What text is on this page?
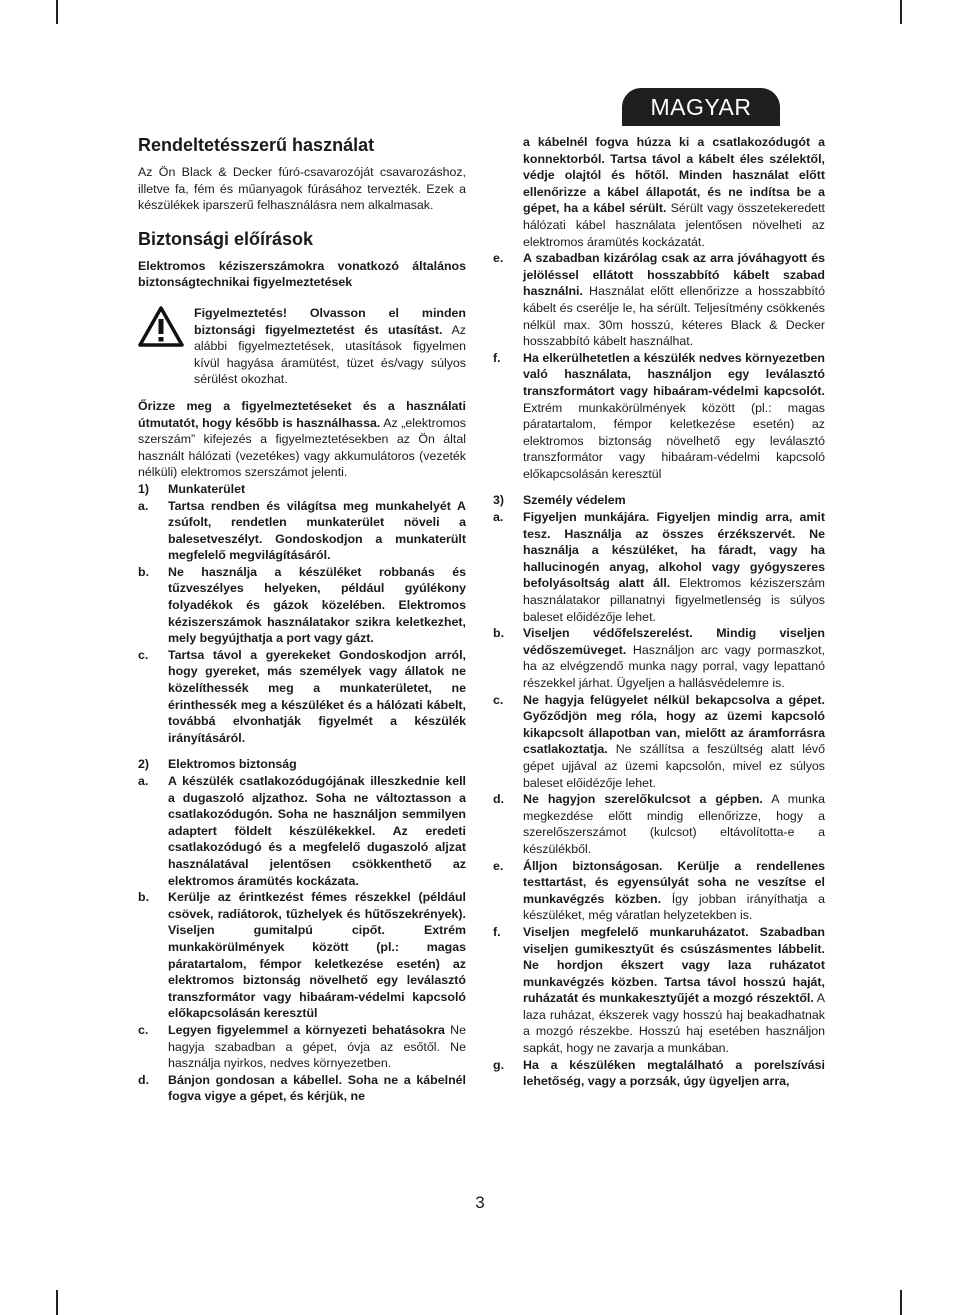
MAGYAR
Rendeltetésszerű használat

Az Ön Black & Decker fúró-csavarozóját csavarozáshoz, illetve fa, fém és műanyagok fúrásához tervezték. Ezek a készülékek iparszerű felhasználásra nem alkalmasak.

Biztonsági előírások

Elektromos kéziszerszámokra vonatkozó általános biztonságtechnikai figyelmeztetések

Figyelmeztetés! Olvasson el minden biztonsági figyelmeztetést és utasítást. Az alábbi figyelmeztetések, utasítások figyelmen kívül hagyása áramütést, tüzet és/vagy súlyos sérülést okozhat.

Őrizze meg a figyelmeztetéseket és a használati útmutatót, hogy később is használhassa. Az „elektromos szerszám” kifejezés a figyelmeztetésekben az Ön által használt hálózati (vezetékes) vagy akkumulátoros (vezeték nélküli) elektromos szerszámot jelenti.

1)	Munkaterület
a.	Tartsa rendben és világítsa meg munkahelyét A zsúfolt, rendetlen munkaterület növeli a balesetveszélyt. Gondoskodjon a munkaterült megfelelő megvilágításáról.
b.	Ne használja a készüléket robbanás és tűzveszélyes helyeken, például gyúlékony folyadékok és gázok közelében. Elektromos kéziszerszámok használatakor szikra keletkezhet, mely begyújthatja a port vagy gázt.
c.	Tartsa távol a gyerekeket Gondoskodjon arról, hogy gyereket, más személyek vagy állatok ne közelíthessék meg a munkaterületet, ne érinthessék meg a készüléket és a hálózati kábelt, továbbá elvonhatják figyelmét a készülék irányításáról.
2)	Elektromos biztonság
a.	A készülék csatlakozódugójának illeszkednie kell a dugaszoló aljzathoz. Soha ne változtasson a csatlakozódugón. Soha ne használjon semmilyen adaptert földelt készülékekkel. Az eredeti csatlakozódugó és a megfelelő dugaszoló aljzat használatával jelentősen csökkenthető az elektromos áramütés kockázata.
b.	Kerülje az érintkezést fémes részekkel (például csövek, radiátorok, tűzhelyek és hűtőszekrények). Viseljen gumitalpú cipőt. Extrém munkakörülmények között (pl.: magas páratartalom, fémpor keletkezése esetén) az elektromos biztonság növelhető egy leválasztó transzformátor vagy hibaáram-védelmi kapcsoló előkapcsolásán keresztül
c.	Legyen figyelemmel a környezeti behatásokra Ne hagyja szabadban a gépet, óvja az esőtől. Ne használja nyirkos, nedves környezetben.
d.	Bánjon gondosan a kábellel. Soha ne a kábelnél fogva vigye a gépet, és kérjük, ne
a kábelnél fogva húzza ki a csatlakozódugót a konnektorból. Tartsa távol a kábelt éles szélektől, védje olajtól és hőtől. Minden használat előtt ellenőrizze a kábel állapotát, és ne indítsa be a gépet, ha a kábel sérült. Sérült vagy összetekeredett hálózati kábel használata jelentősen növelheti az elektromos áramütés kockázatát.
e.	A szabadban kizárólag csak az arra jóváhagyott és jelöléssel ellátott hosszabbító kábelt szabad használni. Használat előtt ellenőrizze a hosszabbító kábelt és cserélje le, ha sérült. Teljesítmény csökkenés nélkül max. 30m hosszú, kéteres Black & Decker hosszabbító kábelt használhat.
f.	Ha elkerülhetetlen a készülék nedves környezetben való használata, használjon egy leválasztó transzformátort vagy hibaáram-védelmi kapcsolót. Extrém munkakörülmények között (pl.: magas páratartalom, fémpor keletkezése esetén) az elektromos biztonság növelhető egy leválasztó transzformátor vagy hibaáram-védelmi kapcsoló előkapcsolásán keresztül
3)	Személy védelem
a.	Figyeljen munkájára. Figyeljen mindig arra, amit tesz. Használja az összes érzékszervét. Ne használja a készüléket, ha fáradt, vagy ha hallucinogén anyag, alkohol vagy gyógyszeres befolyásoltság alatt áll. Elektromos kéziszerszám használatakor pillanatnyi figyelmetlenség is súlyos baleset előidézője lehet.
b.	Viseljen védőfelszerelést. Mindig viseljen védőszemüveget. Használjon arc vagy pormaszkot, ha az elvégzendő munka nagy porral, vagy lepattanó részekkel járhat. Ügyeljen a hallásvédelemre is.
c.	Ne hagyja felügyelet nélkül bekapcsolva a gépet. Győződjön meg róla, hogy az üzemi kapcsoló kikapcsolt állapotban van, mielőtt az áramforrásra csatlakoztatja. Ne szállítsa a feszültség alatt lévő gépet ujjával az üzemi kapcsolón, mivel ez súlyos baleset előidézője lehet.
d.	Ne hagyjon szerelőkulcsot a gépben. A munka megkezdése előtt mindig ellenőrizze, hogy a szerelőszerszámot (kulcsot) eltávolította-e a készülékből.
e.	Álljon biztonságosan. Kerülje a rendellenes testtartást, és egyensúlyát soha ne veszítse el munkavégzés közben. Így jobban irányíthatja a készüléket, még váratlan helyzetekben is.
f.	Viseljen megfelelő munkaruházatot. Szabadban viseljen gumikesztyűt és csúszásmentes lábbelit. Ne hordjon ékszert vagy laza ruházatot munkavégzés közben. Tartsa távol hosszú haját, ruházatát és munkakesztyűjét a mozgó részektől. A laza ruházat, ékszerek vagy hosszú haj beakadhatnak a mozgó részekbe. Hosszú haj esetében használjon sapkát, hogy ne zavarja a munkában.
g.	Ha a készüléken megtalálható a porelszívási lehetőség, vagy a porzsák, úgy ügyeljen arra,
3
